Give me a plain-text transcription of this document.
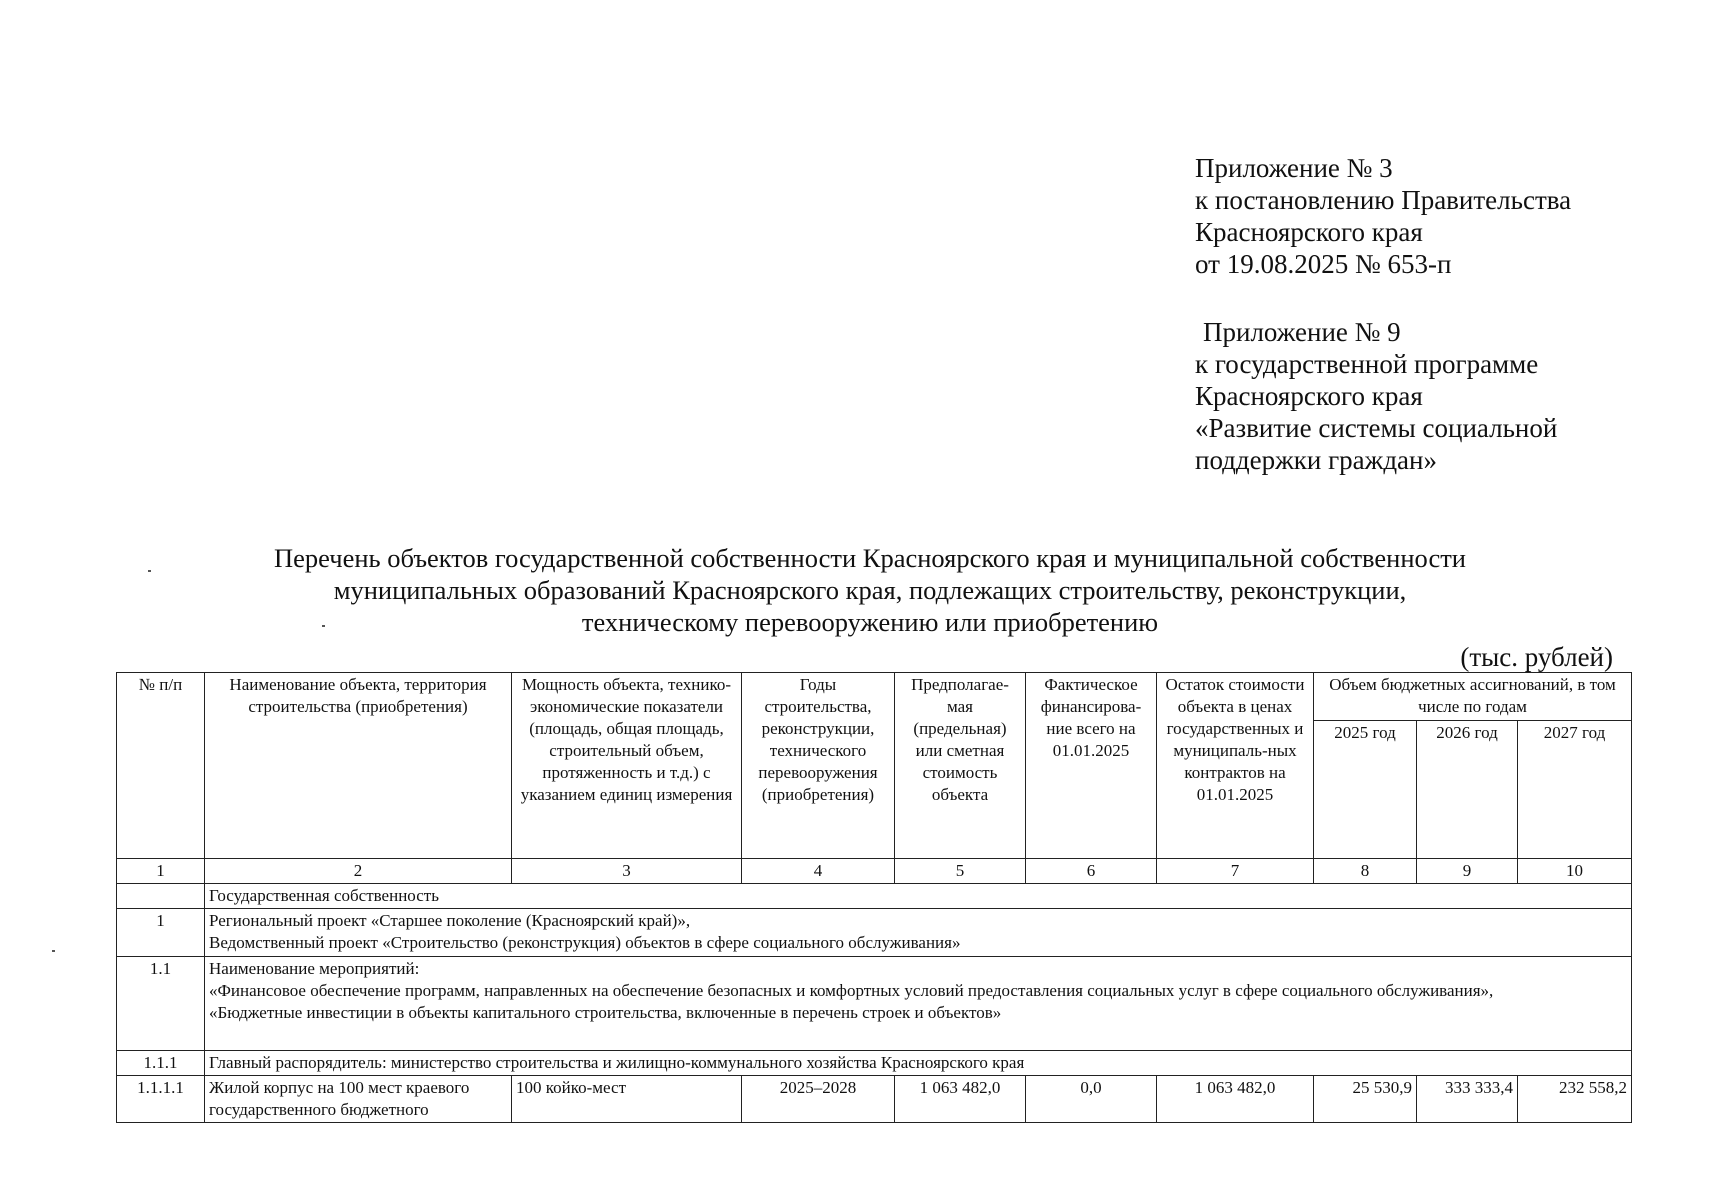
Приложение № 3
к постановлению Правительства
Красноярского края
от 19.08.2025 № 653-п
Приложение № 9
к государственной программе
Красноярского края
«Развитие системы социальной
поддержки граждан»
Перечень объектов государственной собственности Красноярского края и муниципальной собственности
муниципальных образований Красноярского края, подлежащих строительству, реконструкции,
техническому перевооружению или приобретению
(тыс. рублей)
№ п/п	Наименование объекта, территория строительства (приобретения)	Мощность объекта, технико-экономические показатели (площадь, общая площадь, строительный объем, протяженность и т.д.) с указанием единиц измерения	Годы строительства, реконструкции, технического перевооружения (приобретения)	Предполагае-мая (предельная) или сметная стоимость объекта	Фактическое финансирова-ние всего на 01.01.2025	Остаток стоимости объекта в ценах государственных и муниципаль-ных контрактов на 01.01.2025	Объем бюджетных ассигнований, в том числе по годам		
							2025 год	2026 год	2027 год
1	2	3	4	5	6	7	8	9	10
	Государственная собственность								
1	Региональный проект «Старшее поколение (Красноярский край)»,
Ведомственный проект «Строительство (реконструкция) объектов в сфере социального обслуживания»								

1.1	Наименование мероприятий:
«Финансовое обеспечение программ, направленных на обеспечение безопасных и комфортных условий предоставления социальных услуг в сфере социального обслуживания»,
«Бюджетные инвестиции в объекты капитального строительства, включенные в перечень строек и объектов»								

1.1.1	Главный распорядитель: министерство строительства и жилищно-коммунального хозяйства Красноярского края								
1.1.1.1	Жилой корпус на 100 мест краевого государственного бюджетного	100 койко-мест	2025–2028	1 063 482,0	0,0	1 063 482,0	25 530,9	333 333,4	232 558,2
